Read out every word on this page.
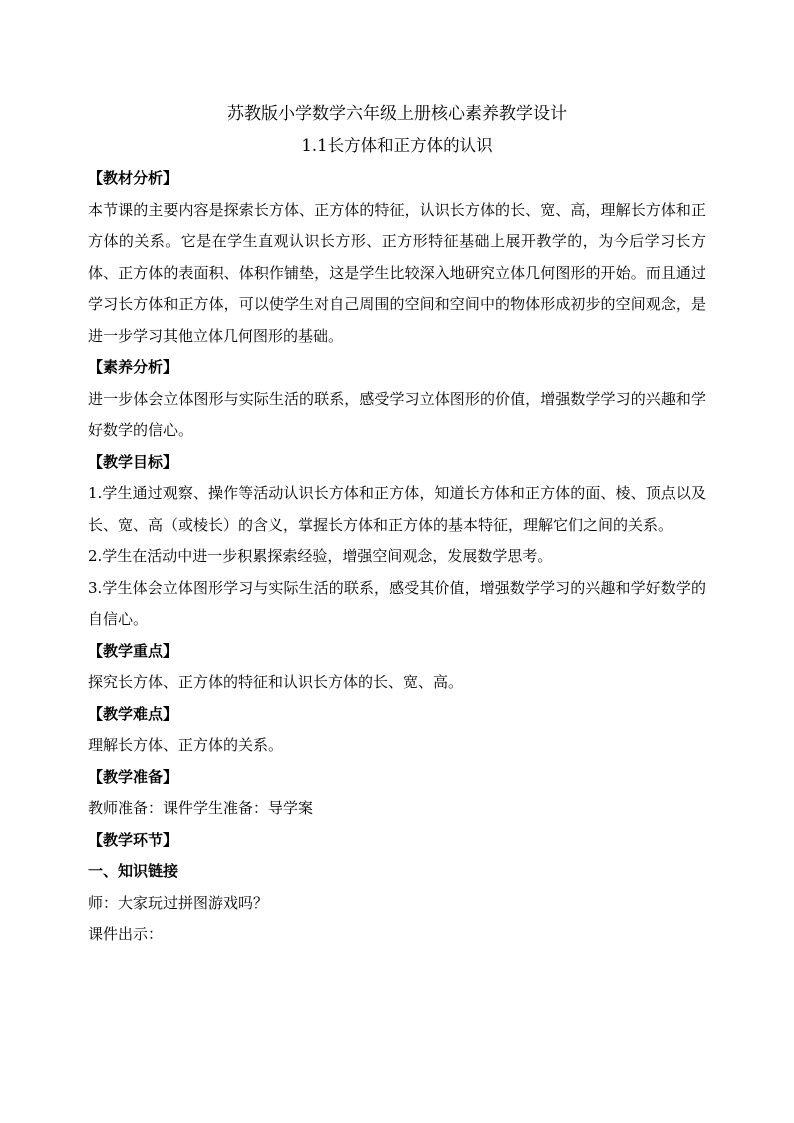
苏教版小学数学六年级上册核心素养教学设计

1.1长方体和正方体的认识

【教材分析】

本节课的主要内容是探索长方体、正方体的特征，认识长方体的长、宽、高，理解长方体和正方体的关系。它是在学生直观认识长方形、正方形特征基础上展开教学的，为今后学习长方体、正方体的表面积、体积作铺垫，这是学生比较深入地研究立体几何图形的开始。而且通过学习长方体和正方体，可以使学生对自己周围的空间和空间中的物体形成初步的空间观念，是进一步学习其他立体几何图形的基础。

【素养分析】

进一步体会立体图形与实际生活的联系，感受学习立体图形的价值，增强数学学习的兴趣和学好数学的信心。

【教学目标】

1.学生通过观察、操作等活动认识长方体和正方体，知道长方体和正方体的面、棱、顶点以及长、宽、高（或棱长）的含义，掌握长方体和正方体的基本特征，理解它们之间的关系。

2.学生在活动中进一步积累探索经验，增强空间观念，发展数学思考。

3.学生体会立体图形学习与实际生活的联系，感受其价值，增强数学学习的兴趣和学好数学的自信心。

【教学重点】

探究长方体、正方体的特征和认识长方体的长、宽、高。

【教学难点】

理解长方体、正方体的关系。

【教学准备】

教师准备：课件学生准备：导学案

【教学环节】

一、知识链接

师：大家玩过拼图游戏吗？

课件出示：
